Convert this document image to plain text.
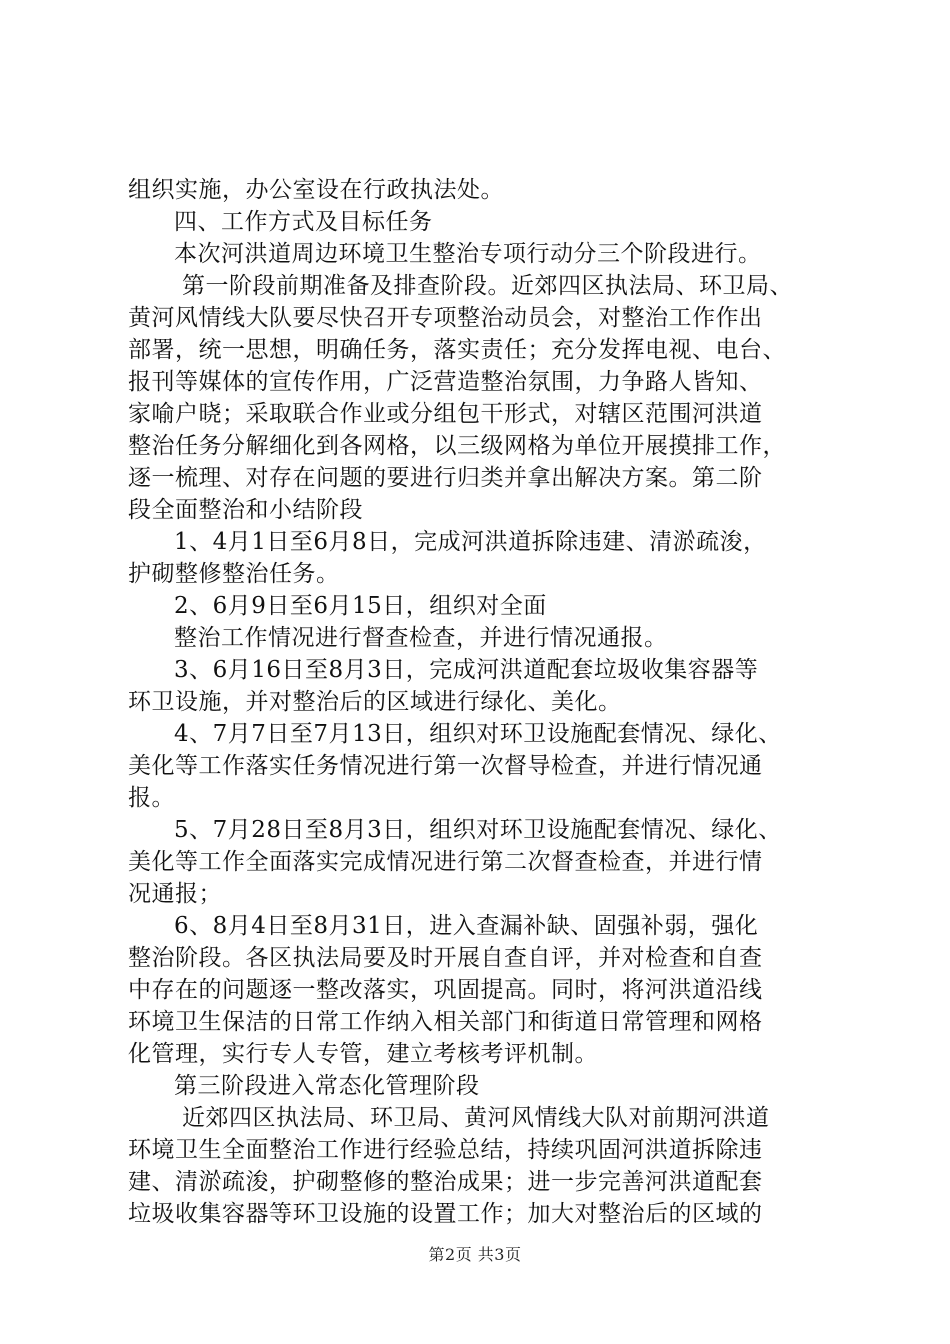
组织实施，办公室设在行政执法处。
四、工作方式及目标任务
本次河洪道周边环境卫生整治专项行动分三个阶段进行。
第一阶段前期准备及排查阶段。近郊四区执法局、环卫局、
黄河风情线大队要尽快召开专项整治动员会，对整治工作作出
部署，统一思想，明确任务，落实责任；充分发挥电视、电台、
报刊等媒体的宣传作用，广泛营造整治氛围，力争路人皆知、
家喻户晓；采取联合作业或分组包干形式，对辖区范围河洪道
整治任务分解细化到各网格，以三级网格为单位开展摸排工作，
逐一梳理、对存在问题的要进行归类并拿出解决方案。第二阶
段全面整治和小结阶段
1、4月1日至6月8日，完成河洪道拆除违建、清淤疏浚，
护砌整修整治任务。
2、6月9日至6月15日，组织对全面
整治工作情况进行督查检查，并进行情况通报。
3、6月16日至8月3日，完成河洪道配套垃圾收集容器等
环卫设施，并对整治后的区域进行绿化、美化。
4、7月7日至7月13日，组织对环卫设施配套情况、绿化、
美化等工作落实任务情况进行第一次督导检查，并进行情况通
报。
5、7月28日至8月3日，组织对环卫设施配套情况、绿化、
美化等工作全面落实完成情况进行第二次督查检查，并进行情
况通报；
6、8月4日至8月31日，进入查漏补缺、固强补弱，强化
整治阶段。各区执法局要及时开展自查自评，并对检查和自查
中存在的问题逐一整改落实，巩固提高。同时，将河洪道沿线
环境卫生保洁的日常工作纳入相关部门和街道日常管理和网格
化管理，实行专人专管，建立考核考评机制。
第三阶段进入常态化管理阶段
近郊四区执法局、环卫局、黄河风情线大队对前期河洪道
环境卫生全面整治工作进行经验总结，持续巩固河洪道拆除违
建、清淤疏浚，护砌整修的整治成果；进一步完善河洪道配套
垃圾收集容器等环卫设施的设置工作；加大对整治后的区域的
第2页 共3页
